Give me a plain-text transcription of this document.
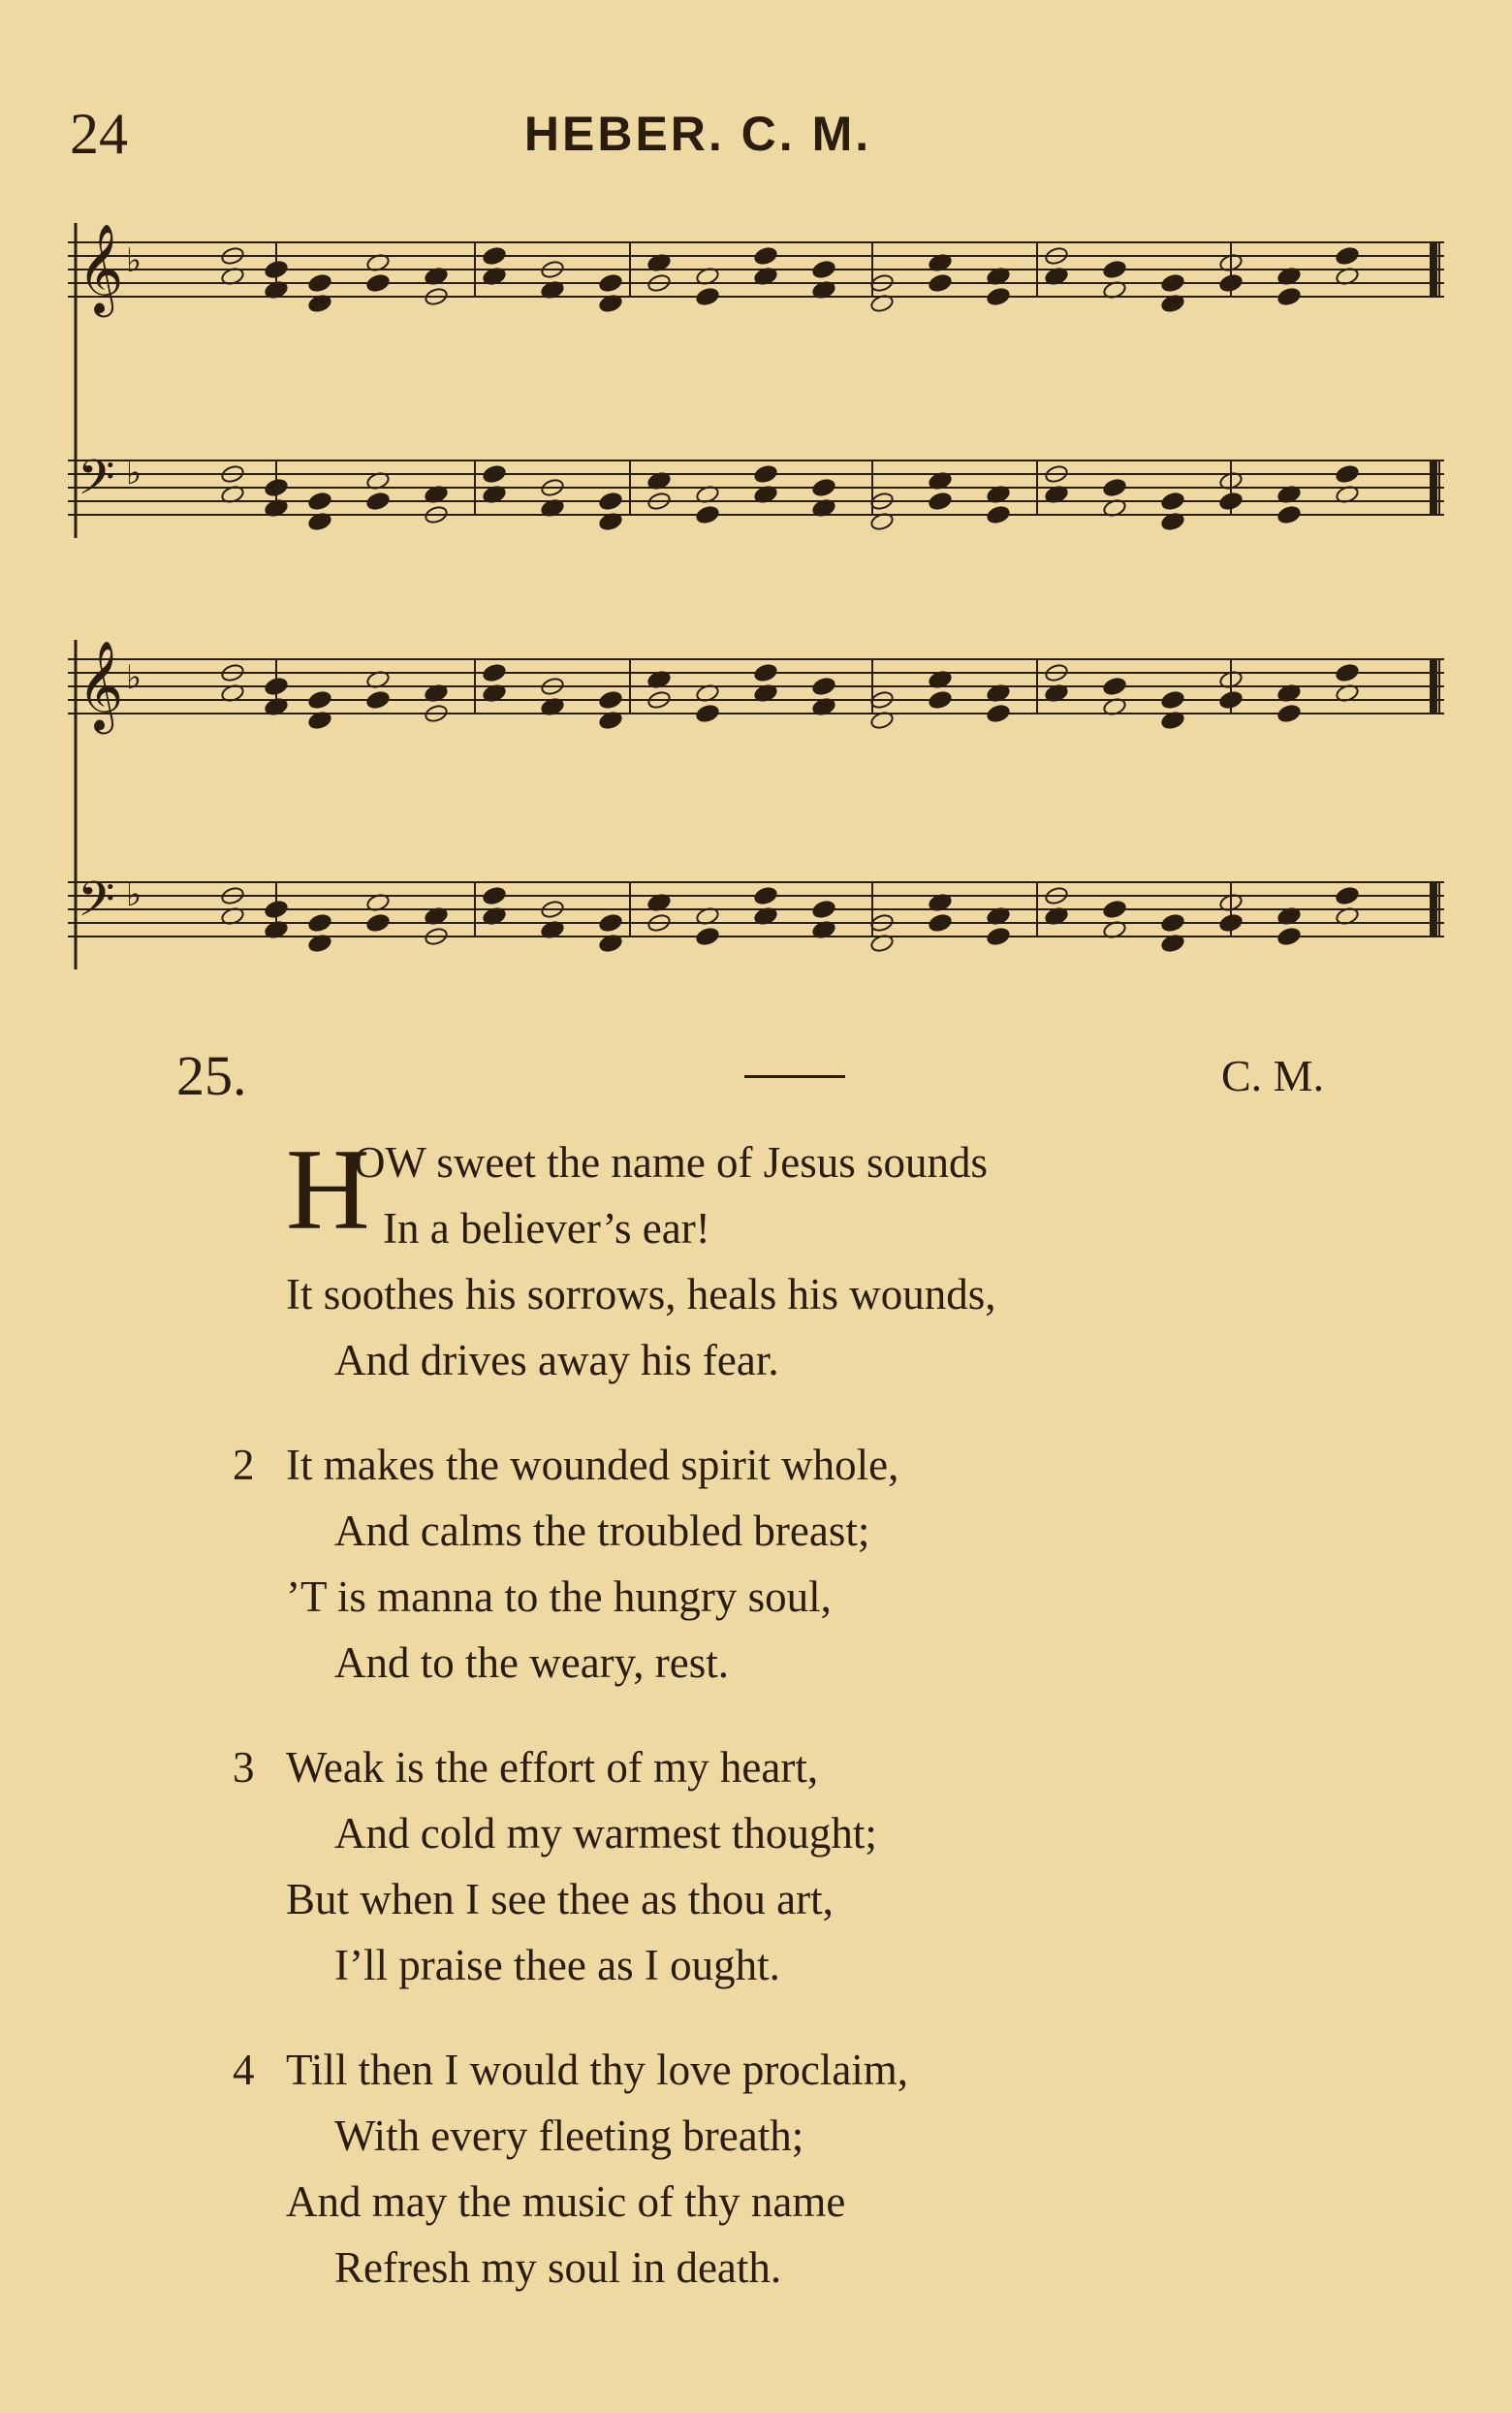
24	HEBER. C. M.
𝄞 ♭
𝄢 ♭
𝄞 ♭
𝄢 ♭
25.	C. M.
H
OW sweet the name of Jesus sounds
In a believer’s ear!
It soothes his sorrows, heals his wounds,
And drives away his fear.
2 It makes the wounded spirit whole,
And calms the troubled breast;
’T is manna to the hungry soul,
And to the weary, rest.
3 Weak is the effort of my heart,
And cold my warmest thought;
But when I see thee as thou art,
I’ll praise thee as I ought.
4 Till then I would thy love proclaim,
With every fleeting breath;
And may the music of thy name
Refresh my soul in death.
